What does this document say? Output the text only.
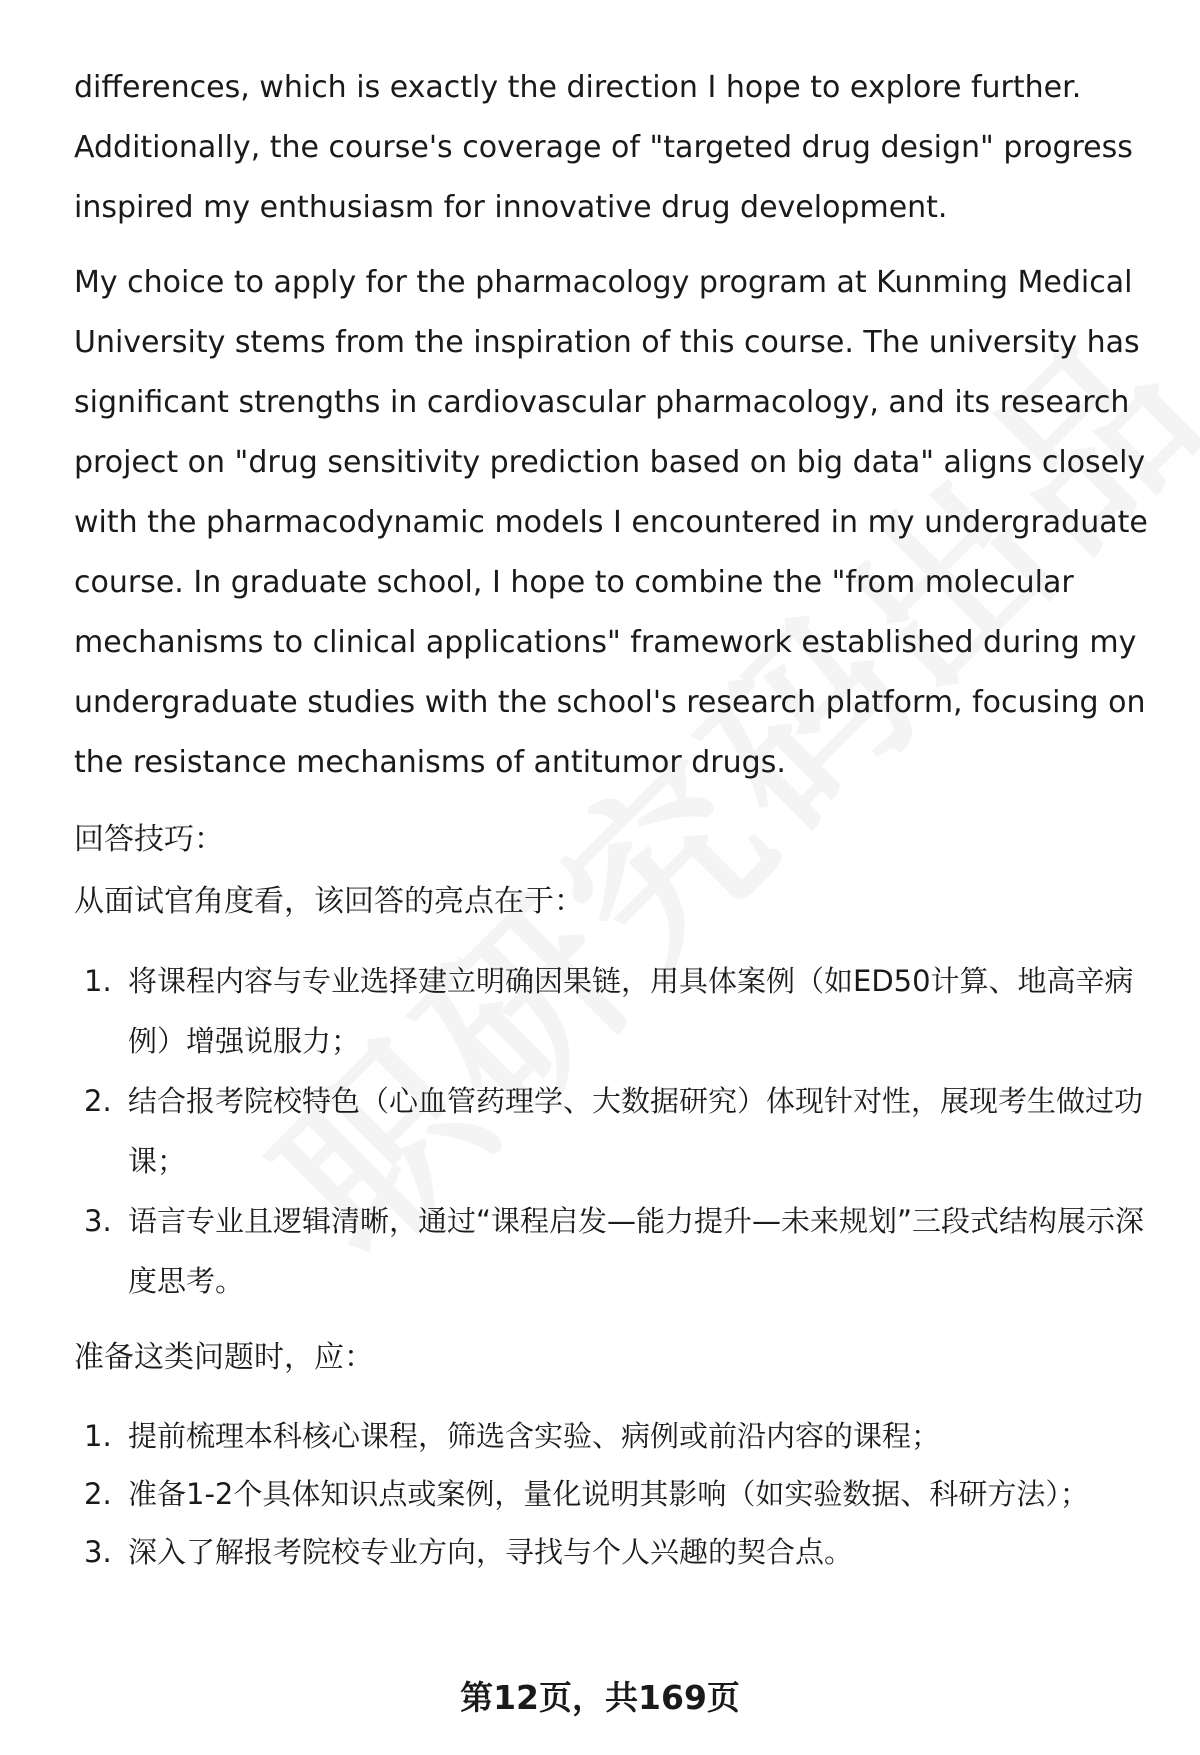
differences, which is exactly the direction I hope to explore further. Additionally, the course's coverage of "targeted drug design" progress inspired my enthusiasm for innovative drug development.

My choice to apply for the pharmacology program at Kunming Medical University stems from the inspiration of this course. The university has significant strengths in cardiovascular pharmacology, and its research project on "drug sensitivity prediction based on big data" aligns closely with the pharmacodynamic models I encountered in my undergraduate course. In graduate school, I hope to combine the "from molecular mechanisms to clinical applications" framework established during my undergraduate studies with the school's research platform, focusing on the resistance mechanisms of antitumor drugs.

回答技巧：
从面试官角度看，该回答的亮点在于：
1. 将课程内容与专业选择建立明确因果链，用具体案例（如ED50计算、地高辛病例）增强说服力；
2. 结合报考院校特色（心血管药理学、大数据研究）体现针对性，展现考生做过功课；
3. 语言专业且逻辑清晰，通过“课程启发—能力提升—未来规划”三段式结构展示深度思考。
准备这类问题时，应：
1. 提前梳理本科核心课程，筛选含实验、病例或前沿内容的课程；
2. 准备1-2个具体知识点或案例，量化说明其影响（如实验数据、科研方法）；
3. 深入了解报考院校专业方向，寻找与个人兴趣的契合点。
第12页，共169页
